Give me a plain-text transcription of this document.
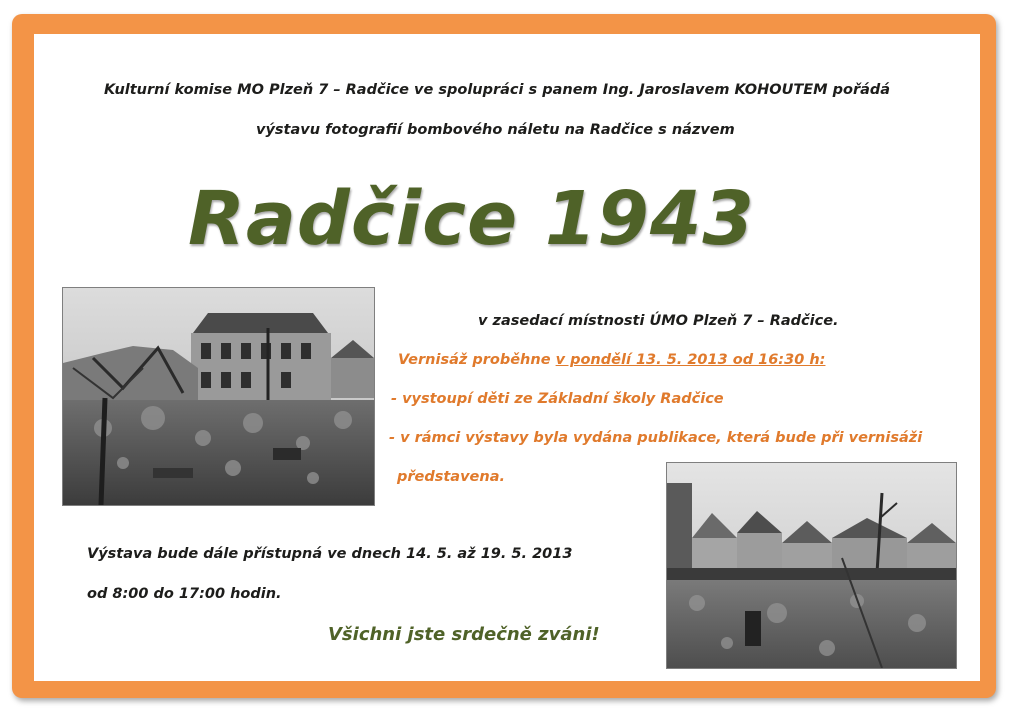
Kulturní komise MO Plzeň 7 – Radčice ve spolupráci s panem Ing. Jaroslavem KOHOUTEM pořádá
výstavu fotografií bombového náletu na Radčice s názvem
Radčice 1943
v zasedací místnosti ÚMO Plzeň 7 – Radčice.
Vernisáž proběhne v pondělí 13. 5. 2013 od 16:30 h:
- vystoupí děti ze Základní školy Radčice
- v rámci výstavy byla vydána publikace, která bude při vernisáži
představena.
Výstava bude dále přístupná ve dnech 14. 5. až 19. 5. 2013
od 8:00 do 17:00 hodin.
Všichni jste srdečně zváni!
